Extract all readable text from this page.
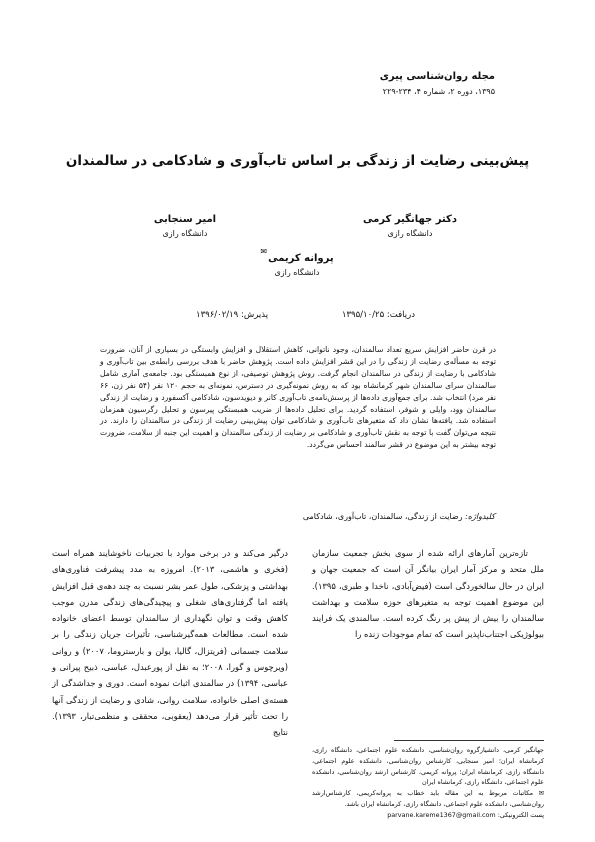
مجله روان‌شناسی پیری
۱۳۹۵، دوره ۲، شماره ۴، ۲۳۴-۲۲۹
پیش‌بینی رضایت از زندگی بر اساس تاب‌آوری و شادکامی در سالمندان
دکتر جهانگیر کرمی
دانشگاه رازی
امیر سنجابی
دانشگاه رازی
پروانه کریمی✉
دانشگاه رازی
دریافت: ۱۳۹۵/۱۰/۲۵
پذیرش: ۱۳۹۶/۰۲/۱۹
در قرن حاضر افزایش سریع تعداد سالمندان، وجود ناتوانی، کاهش استقلال و افزایش وابستگی در بسیاری از آنان، ضرورت توجه به مسأله‌ی رضایت از زندگی را در این قشر افزایش داده است. پژوهش حاضر با هدف بررسی رابطه‌ی بین تاب‌آوری و شادکامی با رضایت از زندگی در سالمندان انجام گرفت. روش پژوهش توصیفی، از نوع همبستگی بود. جامعه‌ی آماری شامل سالمندان سرای سالمندان شهر کرمانشاه بود که به روش نمونه‌گیری در دسترس، نمونه‌ای به حجم ۱۲۰ نفر (۵۴ نفر زن، ۶۶ نفر مرد) انتخاب شد. برای جمع‌آوری داده‌ها از پرسش‌نامه‌ی تاب‌آوری کانر و دیویدسون، شادکامی آکسفورد و رضایت از زندگی سالمندان وود، وایلی و شوفر، استفاده گردید. برای تحلیل داده‌ها از ضریب همبستگی پیرسون و تحلیل رگرسیون همزمان استفاده شد. یافته‌ها نشان داد که متغیرهای تاب‌آوری و شادکامی توان پیش‌بینی رضایت از زندگی در سالمندان را دارند. در نتیجه می‌توان گفت با توجه به نقش تاب‌آوری و شادکامی بر رضایت از زندگی سالمندان و اهمیت این جنبه از سلامت، ضرورت توجه بیشتر به این موضوع در قشر سالمند احساس می‌گردد.
کلیدواژه: رضایت از زندگی، سالمندان، تاب‌آوری، شادکامی

تازه‌ترین آمارهای ارائه شده از سوی بخش جمعیت سازمان ملل متحد و مرکز آمار ایران بیانگر آن است که جمعیت جهان و ایران در حال سالخوردگی است (فیض‌آبادی، ناخدا و طبری، ۱۳۹۵). این موضوع اهمیت توجه به متغیرهای حوزه سلامت و بهداشت سالمندان را بیش از پیش پر رنگ کرده است. سالمندی یک فرایند بیولوژیکی اجتناب‌ناپذیر است که تمام موجودات زنده را

درگیر می‌کند و در برخی موارد با تجربیات ناخوشایند همراه است (فخری و هاشمی، ۲۰۱۳). امروزه به مدد پیشرفت فناوری‌های بهداشتی و پزشکی، طول عمر بشر نسبت به چند دهه‌ی قبل افزایش یافته اما گرفتاری‌های شغلی و پیچیدگی‌های زندگی مدرن موجب کاهش وقت و توان نگهداری از سالمندان توسط اعضای خانواده شده است. مطالعات همه‌گیرشناسی، تأثیرات جریان زندگی را بر سلامت جسمانی (فریتزال، گالیا، یولن و بارستروما، ۲۰۰۷) و روانی (ویرچوس و گورا، ۲۰۰۸؛ به نقل از پورعبدل، عباسی، ذبیح پیرانی و عباسی، ۱۳۹۴) در سالمندی اثبات نموده است. دوری و جداشدگی از هسته‌ی اصلی خانواده، سلامت روانی، شادی و رضایت از زندگی آنها را تحت تأثیر قرار می‌دهد (یعقوبی، محققی و منظمی‌تبار، ۱۳۹۳). نتایج

جهانگیر کرمی، دانشیارگروه روان‌شناسی، دانشکده علوم اجتماعی، دانشگاه رازی، کرمانشاه ایران؛ امیر سنجابی، کارشناس روان‌شناسی، دانشکده علوم اجتماعی، دانشگاه رازی، کرمانشاه ایران؛ پروانه کریمی، کارشناس ارشد روان‌شناسی، دانشکده علوم اجتماعی، دانشگاه رازی، کرمانشاه ایران
✉ مکاتبات مربوط به این مقاله باید خطاب به پروانه‌کریمی، کارشناس‌ارشد روان‌شناسی، دانشکده علوم اجتماعی، دانشگاه رازی، کرمانشاه ایران باشد.
پست الکترونیکی: parvane.kareme1367@gmail.com
